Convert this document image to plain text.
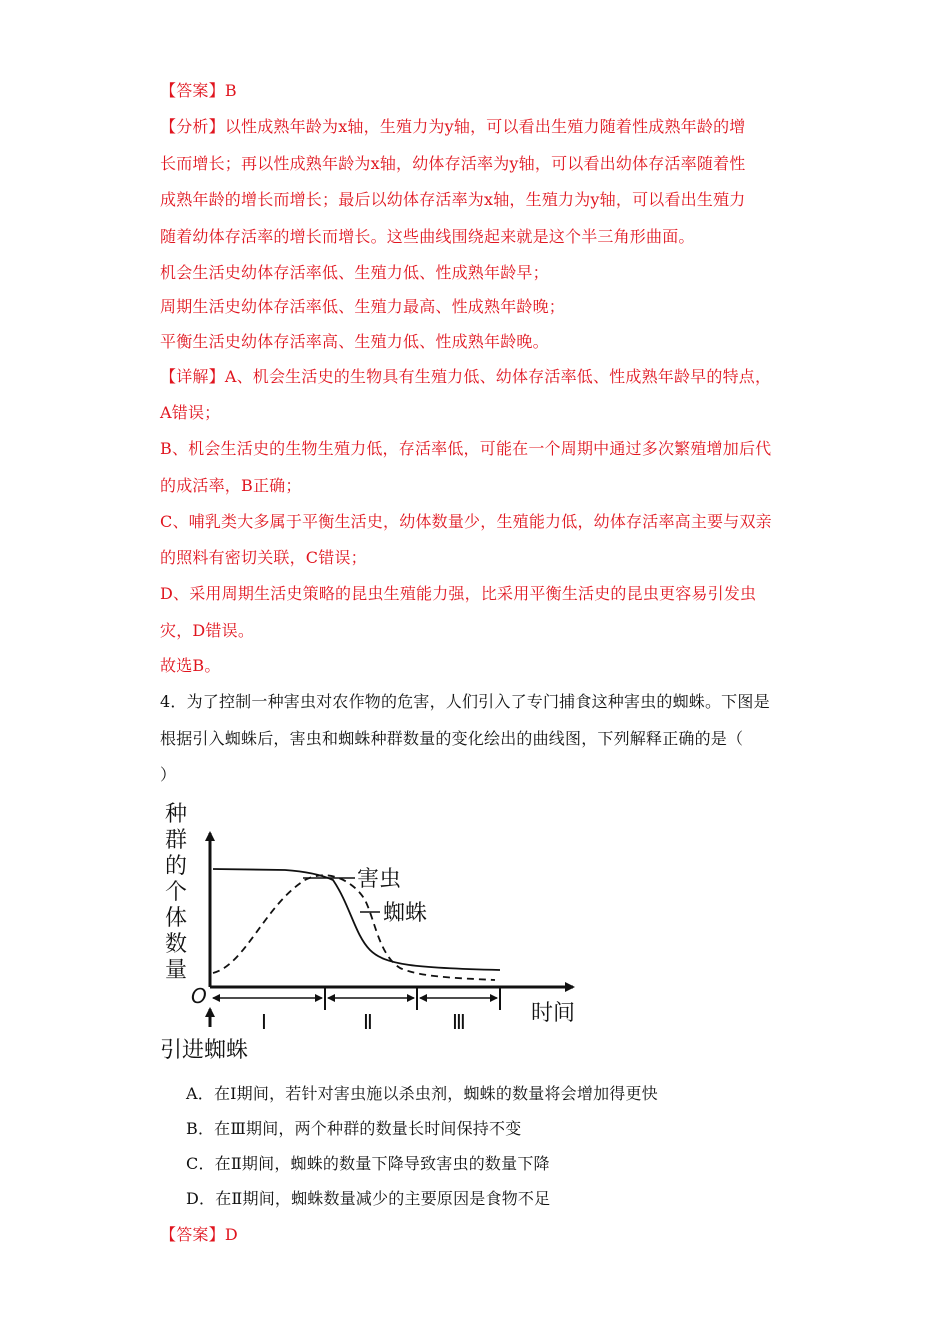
【答案】B
【分析】以性成熟年龄为x轴，生殖力为y轴，可以看出生殖力随着性成熟年龄的增
长而增长；再以性成熟年龄为x轴，幼体存活率为y轴，可以看出幼体存活率随着性
成熟年龄的增长而增长；最后以幼体存活率为x轴，生殖力为y轴，可以看出生殖力
随着幼体存活率的增长而增长。这些曲线围绕起来就是这个半三角形曲面。
机会生活史幼体存活率低、生殖力低、性成熟年龄早；
周期生活史幼体存活率低、生殖力最高、性成熟年龄晚；
平衡生活史幼体存活率高、生殖力低、性成熟年龄晚。
【详解】A、机会生活史的生物具有生殖力低、幼体存活率低、性成熟年龄早的特点，
A错误；
B、机会生活史的生物生殖力低，存活率低，可能在一个周期中通过多次繁殖增加后代
的成活率，B正确；
C、哺乳类大多属于平衡生活史，幼体数量少，生殖能力低，幼体存活率高主要与双亲
的照料有密切关联，C错误；
D、采用周期生活史策略的昆虫生殖能力强，比采用平衡生活史的昆虫更容易引发虫
灾，D错误。
故选B。
4．为了控制一种害虫对农作物的危害，人们引入了专门捕食这种害虫的蜘蛛。下图是
根据引入蜘蛛后，害虫和蜘蛛种群数量的变化绘出的曲线图，下列解释正确的是（
）
种
群
的
个
体
数
量
O
害虫
蜘蛛
Ⅰ	Ⅱ	Ⅲ	时间
引进蜘蛛
A．在Ⅰ期间，若针对害虫施以杀虫剂，蜘蛛的数量将会增加得更快
B．在Ⅲ期间，两个种群的数量长时间保持不变
C．在Ⅱ期间，蜘蛛的数量下降导致害虫的数量下降
D．在Ⅱ期间，蜘蛛数量减少的主要原因是食物不足
【答案】D
